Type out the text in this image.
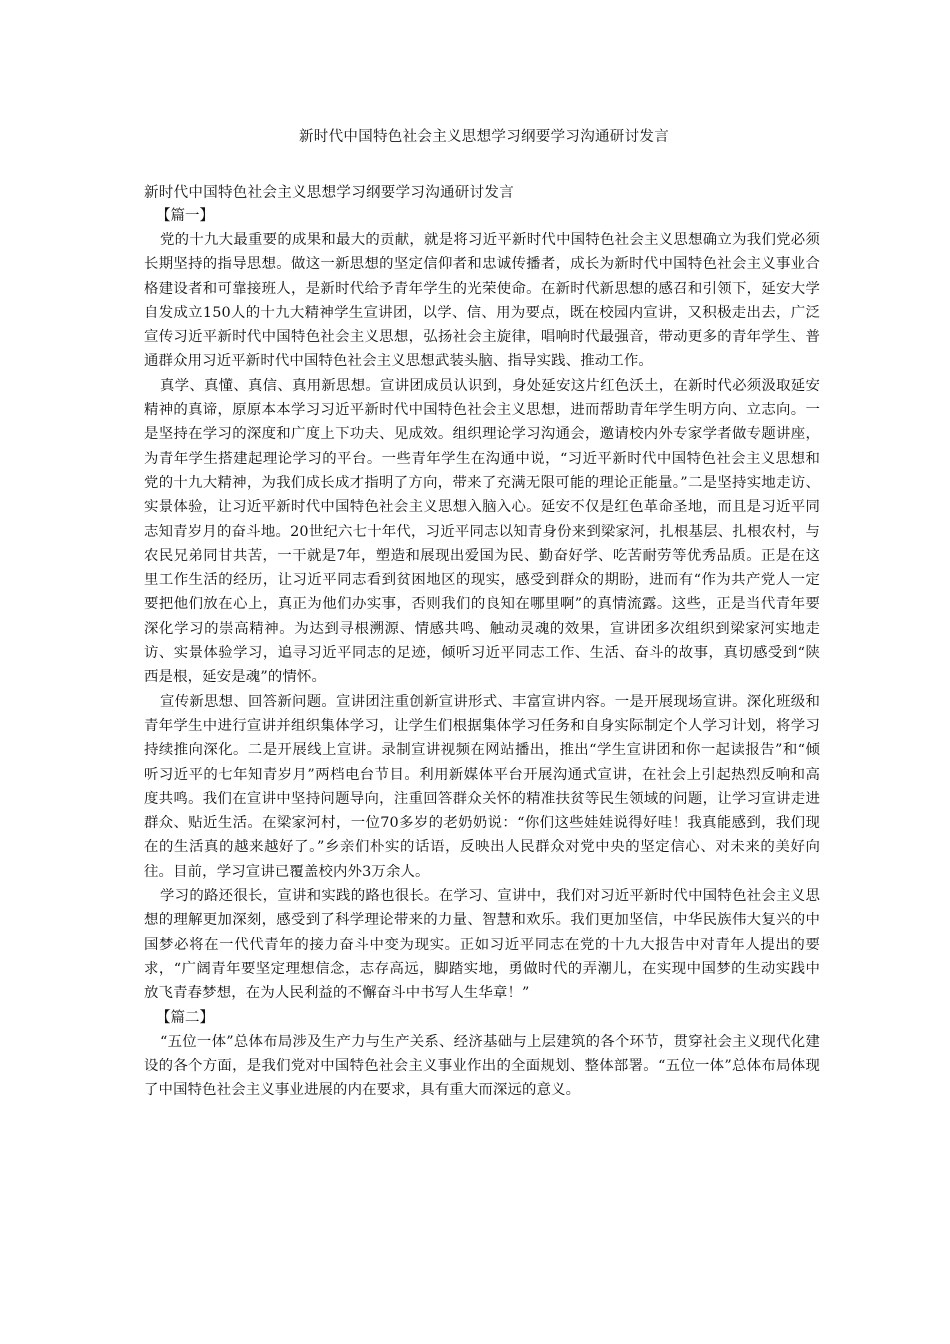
新时代中国特色社会主义思想学习纲要学习沟通研讨发言
新时代中国特色社会主义思想学习纲要学习沟通研讨发言
【篇一】

党的十九大最重要的成果和最大的贡献，就是将习近平新时代中国特色社会主义思想确立为我们党必须长期坚持的指导思想。做这一新思想的坚定信仰者和忠诚传播者，成长为新时代中国特色社会主义事业合格建设者和可靠接班人，是新时代给予青年学生的光荣使命。在新时代新思想的感召和引领下，延安大学自发成立150人的十九大精神学生宣讲团，以学、信、用为要点，既在校园内宣讲，又积极走出去，广泛宣传习近平新时代中国特色社会主义思想，弘扬社会主旋律，唱响时代最强音，带动更多的青年学生、普通群众用习近平新时代中国特色社会主义思想武装头脑、指导实践、推动工作。

真学、真懂、真信、真用新思想。宣讲团成员认识到，身处延安这片红色沃土，在新时代必须汲取延安精神的真谛，原原本本学习习近平新时代中国特色社会主义思想，进而帮助青年学生明方向、立志向。一是坚持在学习的深度和广度上下功夫、见成效。组织理论学习沟通会，邀请校内外专家学者做专题讲座，为青年学生搭建起理论学习的平台。一些青年学生在沟通中说，“习近平新时代中国特色社会主义思想和党的十九大精神，为我们成长成才指明了方向，带来了充满无限可能的理论正能量。”二是坚持实地走访、实景体验，让习近平新时代中国特色社会主义思想入脑入心。延安不仅是红色革命圣地，而且是习近平同志知青岁月的奋斗地。20世纪六七十年代，习近平同志以知青身份来到梁家河，扎根基层、扎根农村，与农民兄弟同甘共苦，一干就是7年，塑造和展现出爱国为民、勤奋好学、吃苦耐劳等优秀品质。正是在这里工作生活的经历，让习近平同志看到贫困地区的现实，感受到群众的期盼，进而有“作为共产党人一定要把他们放在心上，真正为他们办实事，否则我们的良知在哪里啊”的真情流露。这些，正是当代青年要深化学习的崇高精神。为达到寻根溯源、情感共鸣、触动灵魂的效果，宣讲团多次组织到梁家河实地走访、实景体验学习，追寻习近平同志的足迹，倾听习近平同志工作、生活、奋斗的故事，真切感受到“陕西是根，延安是魂”的情怀。

宣传新思想、回答新问题。宣讲团注重创新宣讲形式、丰富宣讲内容。一是开展现场宣讲。深化班级和青年学生中进行宣讲并组织集体学习，让学生们根据集体学习任务和自身实际制定个人学习计划，将学习持续推向深化。二是开展线上宣讲。录制宣讲视频在网站播出，推出“学生宣讲团和你一起读报告”和“倾听习近平的七年知青岁月”两档电台节目。利用新媒体平台开展沟通式宣讲，在社会上引起热烈反响和高度共鸣。我们在宣讲中坚持问题导向，注重回答群众关怀的精准扶贫等民生领域的问题，让学习宣讲走进群众、贴近生活。在梁家河村，一位70多岁的老奶奶说：“你们这些娃娃说得好哇！我真能感到，我们现在的生活真的越来越好了。”乡亲们朴实的话语，反映出人民群众对党中央的坚定信心、对未来的美好向往。目前，学习宣讲已覆盖校内外3万余人。

学习的路还很长，宣讲和实践的路也很长。在学习、宣讲中，我们对习近平新时代中国特色社会主义思想的理解更加深刻，感受到了科学理论带来的力量、智慧和欢乐。我们更加坚信，中华民族伟大复兴的中国梦必将在一代代青年的接力奋斗中变为现实。正如习近平同志在党的十九大报告中对青年人提出的要求，“广阔青年要坚定理想信念，志存高远，脚踏实地，勇做时代的弄潮儿，在实现中国梦的生动实践中放飞青春梦想，在为人民利益的不懈奋斗中书写人生华章！”

【篇二】

“五位一体”总体布局涉及生产力与生产关系、经济基础与上层建筑的各个环节，贯穿社会主义现代化建设的各个方面，是我们党对中国特色社会主义事业作出的全面规划、整体部署。“五位一体”总体布局体现了中国特色社会主义事业进展的内在要求，具有重大而深远的意义。
